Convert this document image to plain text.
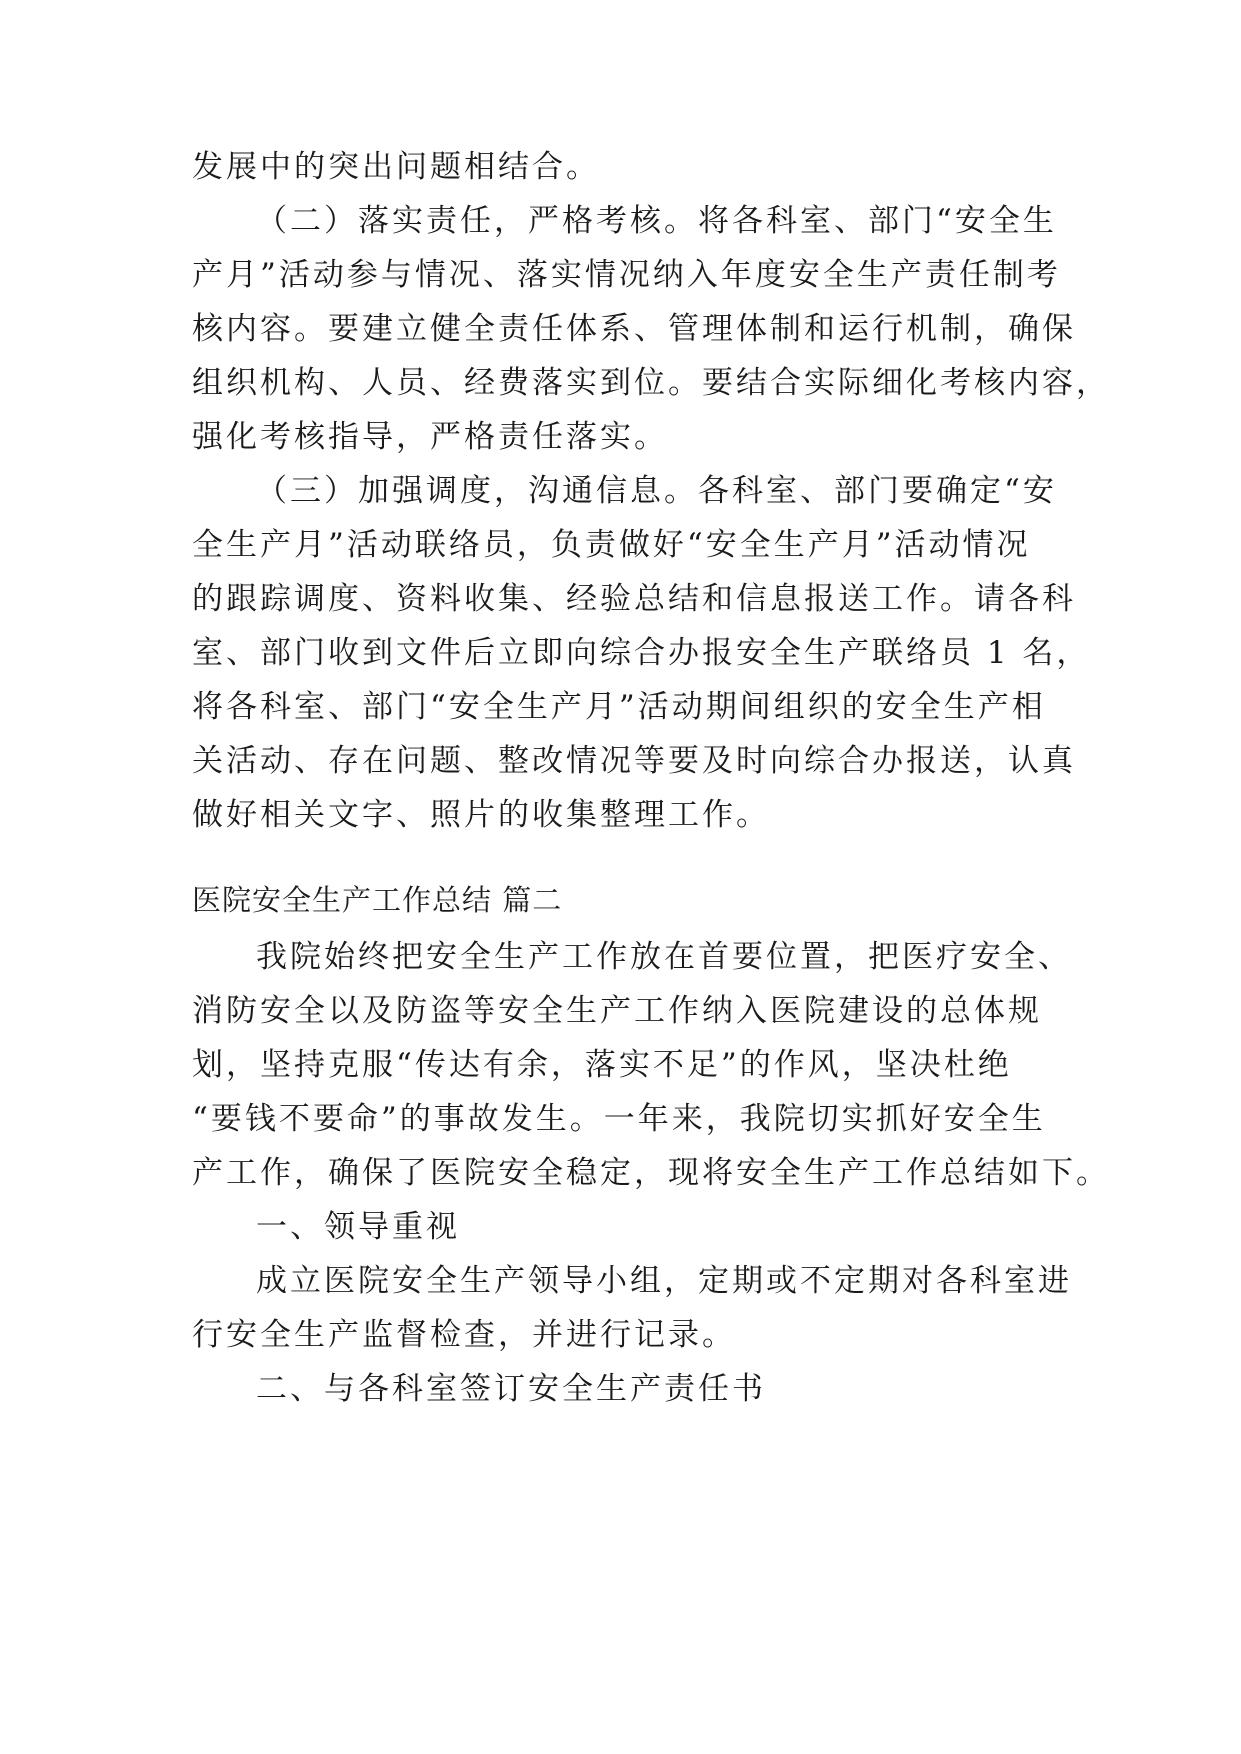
发展中的突出问题相结合。
（二）落实责任，严格考核。将各科室、部门“安全生
产月”活动参与情况、落实情况纳入年度安全生产责任制考
核内容。要建立健全责任体系、管理体制和运行机制，确保
组织机构、人员、经费落实到位。要结合实际细化考核内容，
强化考核指导，严格责任落实。
（三）加强调度，沟通信息。各科室、部门要确定“安
全生产月”活动联络员，负责做好“安全生产月”活动情况
的跟踪调度、资料收集、经验总结和信息报送工作。请各科
室、部门收到文件后立即向综合办报安全生产联络员 1 名，
将各科室、部门“安全生产月”活动期间组织的安全生产相
关活动、存在问题、整改情况等要及时向综合办报送，认真
做好相关文字、照片的收集整理工作。
医院安全生产工作总结 篇二
我院始终把安全生产工作放在首要位置，把医疗安全、
消防安全以及防盗等安全生产工作纳入医院建设的总体规
划，坚持克服“传达有余，落实不足”的作风，坚决杜绝
“要钱不要命”的事故发生。一年来，我院切实抓好安全生
产工作，确保了医院安全稳定，现将安全生产工作总结如下。
一、领导重视
成立医院安全生产领导小组，定期或不定期对各科室进
行安全生产监督检查，并进行记录。
二、与各科室签订安全生产责任书
